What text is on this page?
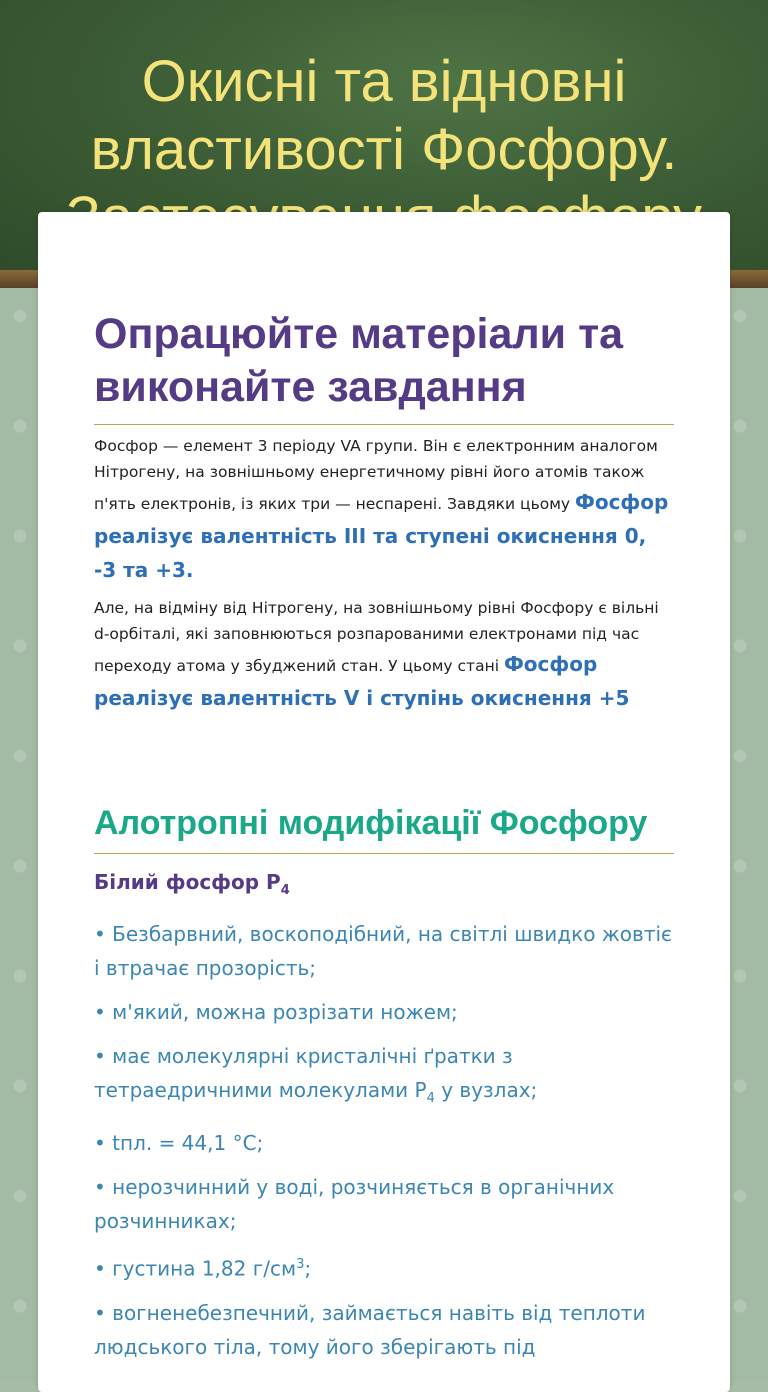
Окисні та відновні
властивості Фосфору.

Опрацюйте матеріали та виконайте завдання

Фосфор — елемент 3 періоду VA групи. Він є електронним аналогом Нітрогену, на зовнішньому енергетичному рівні його атомів також п'ять електронів, із яких три — неспарені. Завдяки цьому Фосфор реалізує валентність III та ступені окиснення 0, -3 та +3.

Але, на відміну від Нітрогену, на зовнішньому рівні Фосфору є вільні d-орбіталі, які заповнюються розпарованими електронами під час переходу атома у збуджений стан. У цьому стані Фосфор реалізує валентність V і ступінь окиснення +5

Алотропні модифікації Фосфору

Білий фосфор $P_4$

• Безбарвний, воскоподібний, на світлі швидко жовтіє і втрачає прозорість;
• м'який, можна розрізати ножем;
• має молекулярні кристалічні ґратки з тетраедричними молекулами $P_4$ у вузлах;
• tпл. = 44,1 °C;
• нерозчинний у воді, розчиняється в органічних розчинниках;
• густина 1,82 $г/см^3$;
• вогненебезпечний, займається навіть від теплоти людського тіла, тому його зберігають під
